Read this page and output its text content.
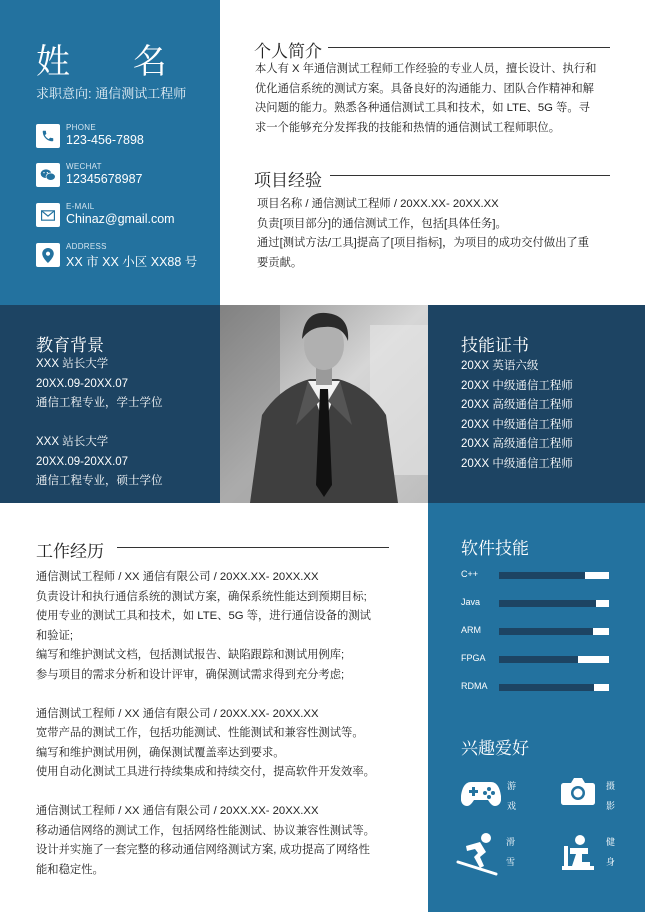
姓 名
求职意向: 通信测试工程师
PHONE
123-456-7898
WECHAT
12345678987
E-MAIL
Chinaz@gmail.com
ADDRESS
XX 市 XX 小区 XX88 号
个人简介
本人有 X 年通信测试工程师工作经验的专业人员，擅长设计、执行和
优化通信系统的测试方案。具备良好的沟通能力、团队合作精神和解
决问题的能力。熟悉各种通信测试工具和技术，如 LTE、5G 等。寻
求一个能够充分发挥我的技能和热情的通信测试工程师职位。
项目经验
项目名称 / 通信测试工程师 / 20XX.XX- 20XX.XX
负责[项目部分]的通信测试工作，包括[具体任务]。
通过[测试方法/工具]提高了[项目指标]，为项目的成功交付做出了重
要贡献。
教育背景
XXX 站长大学
20XX.09-20XX.07
通信工程专业，学士学位
XXX 站长大学
20XX.09-20XX.07
通信工程专业，硕士学位
技能证书
20XX 英语六级
20XX 中级通信工程师
20XX 高级通信工程师
20XX 中级通信工程师
20XX 高级通信工程师
20XX 中级通信工程师
工作经历
通信测试工程师 / XX 通信有限公司 / 20XX.XX- 20XX.XX
负责设计和执行通信系统的测试方案，确保系统性能达到预期目标;
使用专业的测试工具和技术，如 LTE、5G 等，进行通信设备的测试
和验证;
编写和维护测试文档，包括测试报告、缺陷跟踪和测试用例库;
参与项目的需求分析和设计评审，确保测试需求得到充分考虑;
通信测试工程师 / XX 通信有限公司 / 20XX.XX- 20XX.XX
宽带产品的测试工作，包括功能测试、性能测试和兼容性测试等。
编写和维护测试用例，确保测试覆盖率达到要求。
使用自动化测试工具进行持续集成和持续交付，提高软件开发效率。
通信测试工程师 / XX 通信有限公司 / 20XX.XX- 20XX.XX
移动通信网络的测试工作，包括网络性能测试、协议兼容性测试等。
设计并实施了一套完整的移动通信网络测试方案, 成功提高了网络性
能和稳定性。
软件技能
C++
Java
ARM
FPGA
RDMA
兴趣爱好
游戏
摄影
滑雪
健身
